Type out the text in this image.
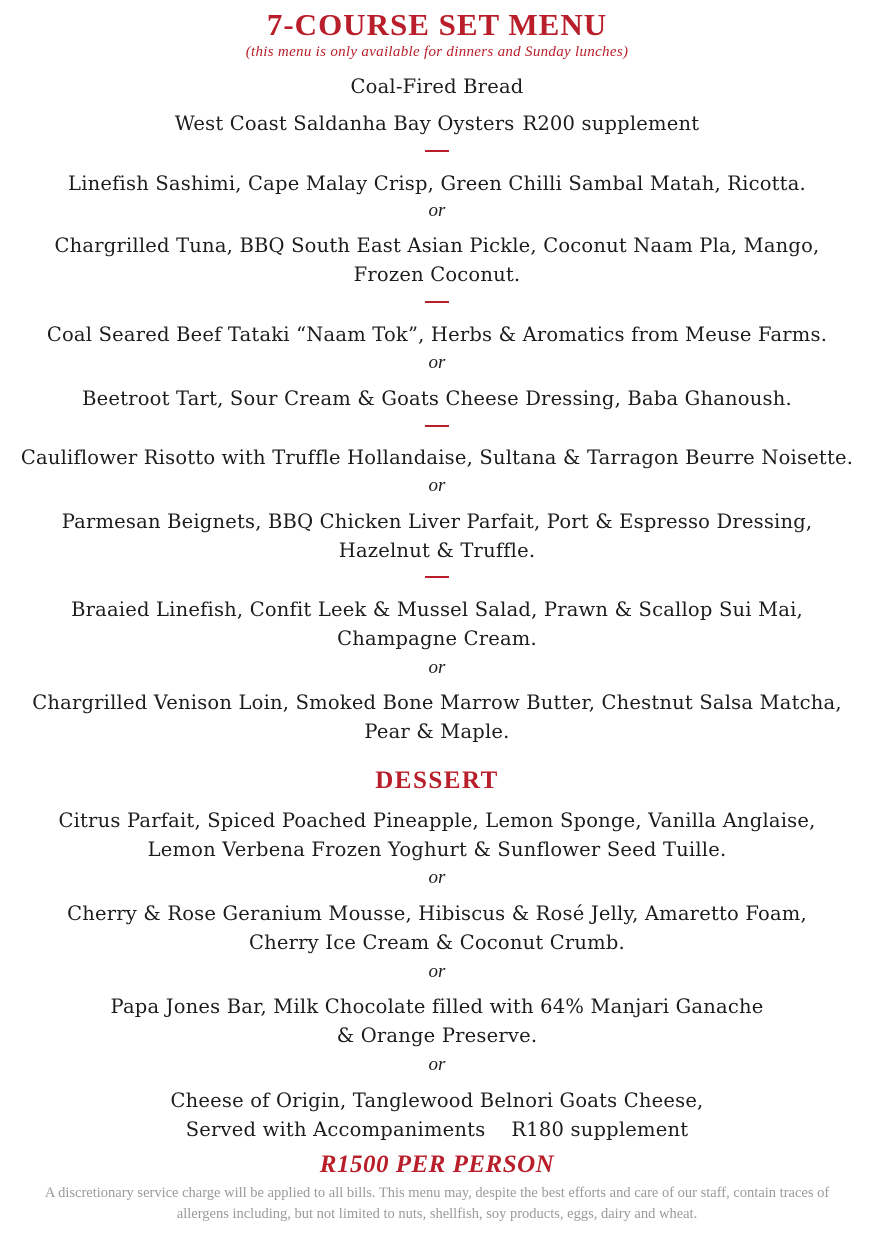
7-COURSE SET MENU

(this menu is only available for dinners and Sunday lunches)

Coal-Fired Bread

West Coast Saldanha Bay Oysters R200 supplement

Linefish Sashimi, Cape Malay Crisp, Green Chilli Sambal Matah, Ricotta.

or

Chargrilled Tuna, BBQ South East Asian Pickle, Coconut Naam Pla, Mango,
Frozen Coconut.

Coal Seared Beef Tataki “Naam Tok”, Herbs & Aromatics from Meuse Farms.

or

Beetroot Tart, Sour Cream & Goats Cheese Dressing, Baba Ghanoush.

Cauliflower Risotto with Truffle Hollandaise, Sultana & Tarragon Beurre Noisette.

or

Parmesan Beignets, BBQ Chicken Liver Parfait, Port & Espresso Dressing,
Hazelnut & Truffle.
Braaied Linefish, Confit Leek & Mussel Salad, Prawn & Scallop Sui Mai,
Champagne Cream.

or

Chargrilled Venison Loin, Smoked Bone Marrow Butter, Chestnut Salsa Matcha,
Pear & Maple.
DESSERT
Citrus Parfait, Spiced Poached Pineapple, Lemon Sponge, Vanilla Anglaise,
Lemon Verbena Frozen Yoghurt & Sunflower Seed Tuille.

or

Cherry & Rose Geranium Mousse, Hibiscus & Rosé Jelly, Amaretto Foam,
Cherry Ice Cream & Coconut Crumb.

or

Papa Jones Bar, Milk Chocolate filled with 64% Manjari Ganache
& Orange Preserve.

or

Cheese of Origin, Tanglewood Belnori Goats Cheese,
Served with Accompaniments R180 supplement

R1500 PER PERSON

A discretionary service charge will be applied to all bills. This menu may, despite the best efforts and care of our staff, contain traces of allergens including, but not limited to nuts, shellfish, soy products, eggs, dairy and wheat.
